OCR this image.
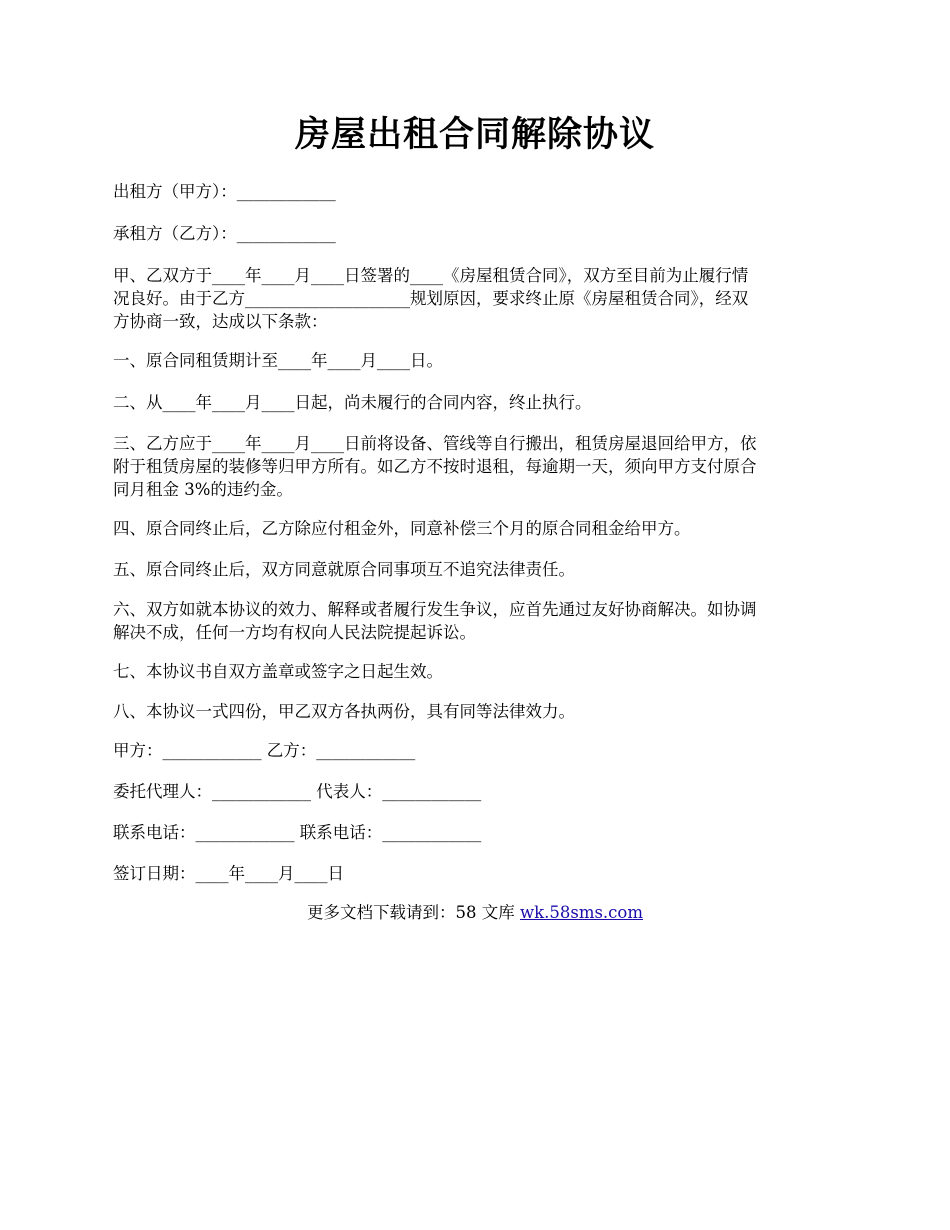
房屋出租合同解除协议
出租方（甲方）：____________
承租方（乙方）：____________
甲、乙双方于____年____月____日签署的____《房屋租赁合同》，双方至目前为止履行情
况良好。由于乙方____________________规划原因，要求终止原《房屋租赁合同》，经双
方协商一致，达成以下条款：
一、原合同租赁期计至____年____月____日。
二、从____年____月____日起，尚未履行的合同内容，终止执行。
三、乙方应于____年____月____日前将设备、管线等自行搬出，租赁房屋退回给甲方，依
附于租赁房屋的装修等归甲方所有。如乙方不按时退租，每逾期一天，须向甲方支付原合
同月租金 3%的违约金。
四、原合同终止后，乙方除应付租金外，同意补偿三个月的原合同租金给甲方。
五、原合同终止后，双方同意就原合同事项互不追究法律责任。
六、双方如就本协议的效力、解释或者履行发生争议，应首先通过友好协商解决。如协调
解决不成，任何一方均有权向人民法院提起诉讼。
七、本协议书自双方盖章或签字之日起生效。
八、本协议一式四份，甲乙双方各执两份，具有同等法律效力。
甲方：____________ 乙方：____________
委托代理人：____________ 代表人：____________
联系电话：____________ 联系电话：____________
签订日期：____年____月____日
更多文档下载请到：58 文库 wk.58sms.com
